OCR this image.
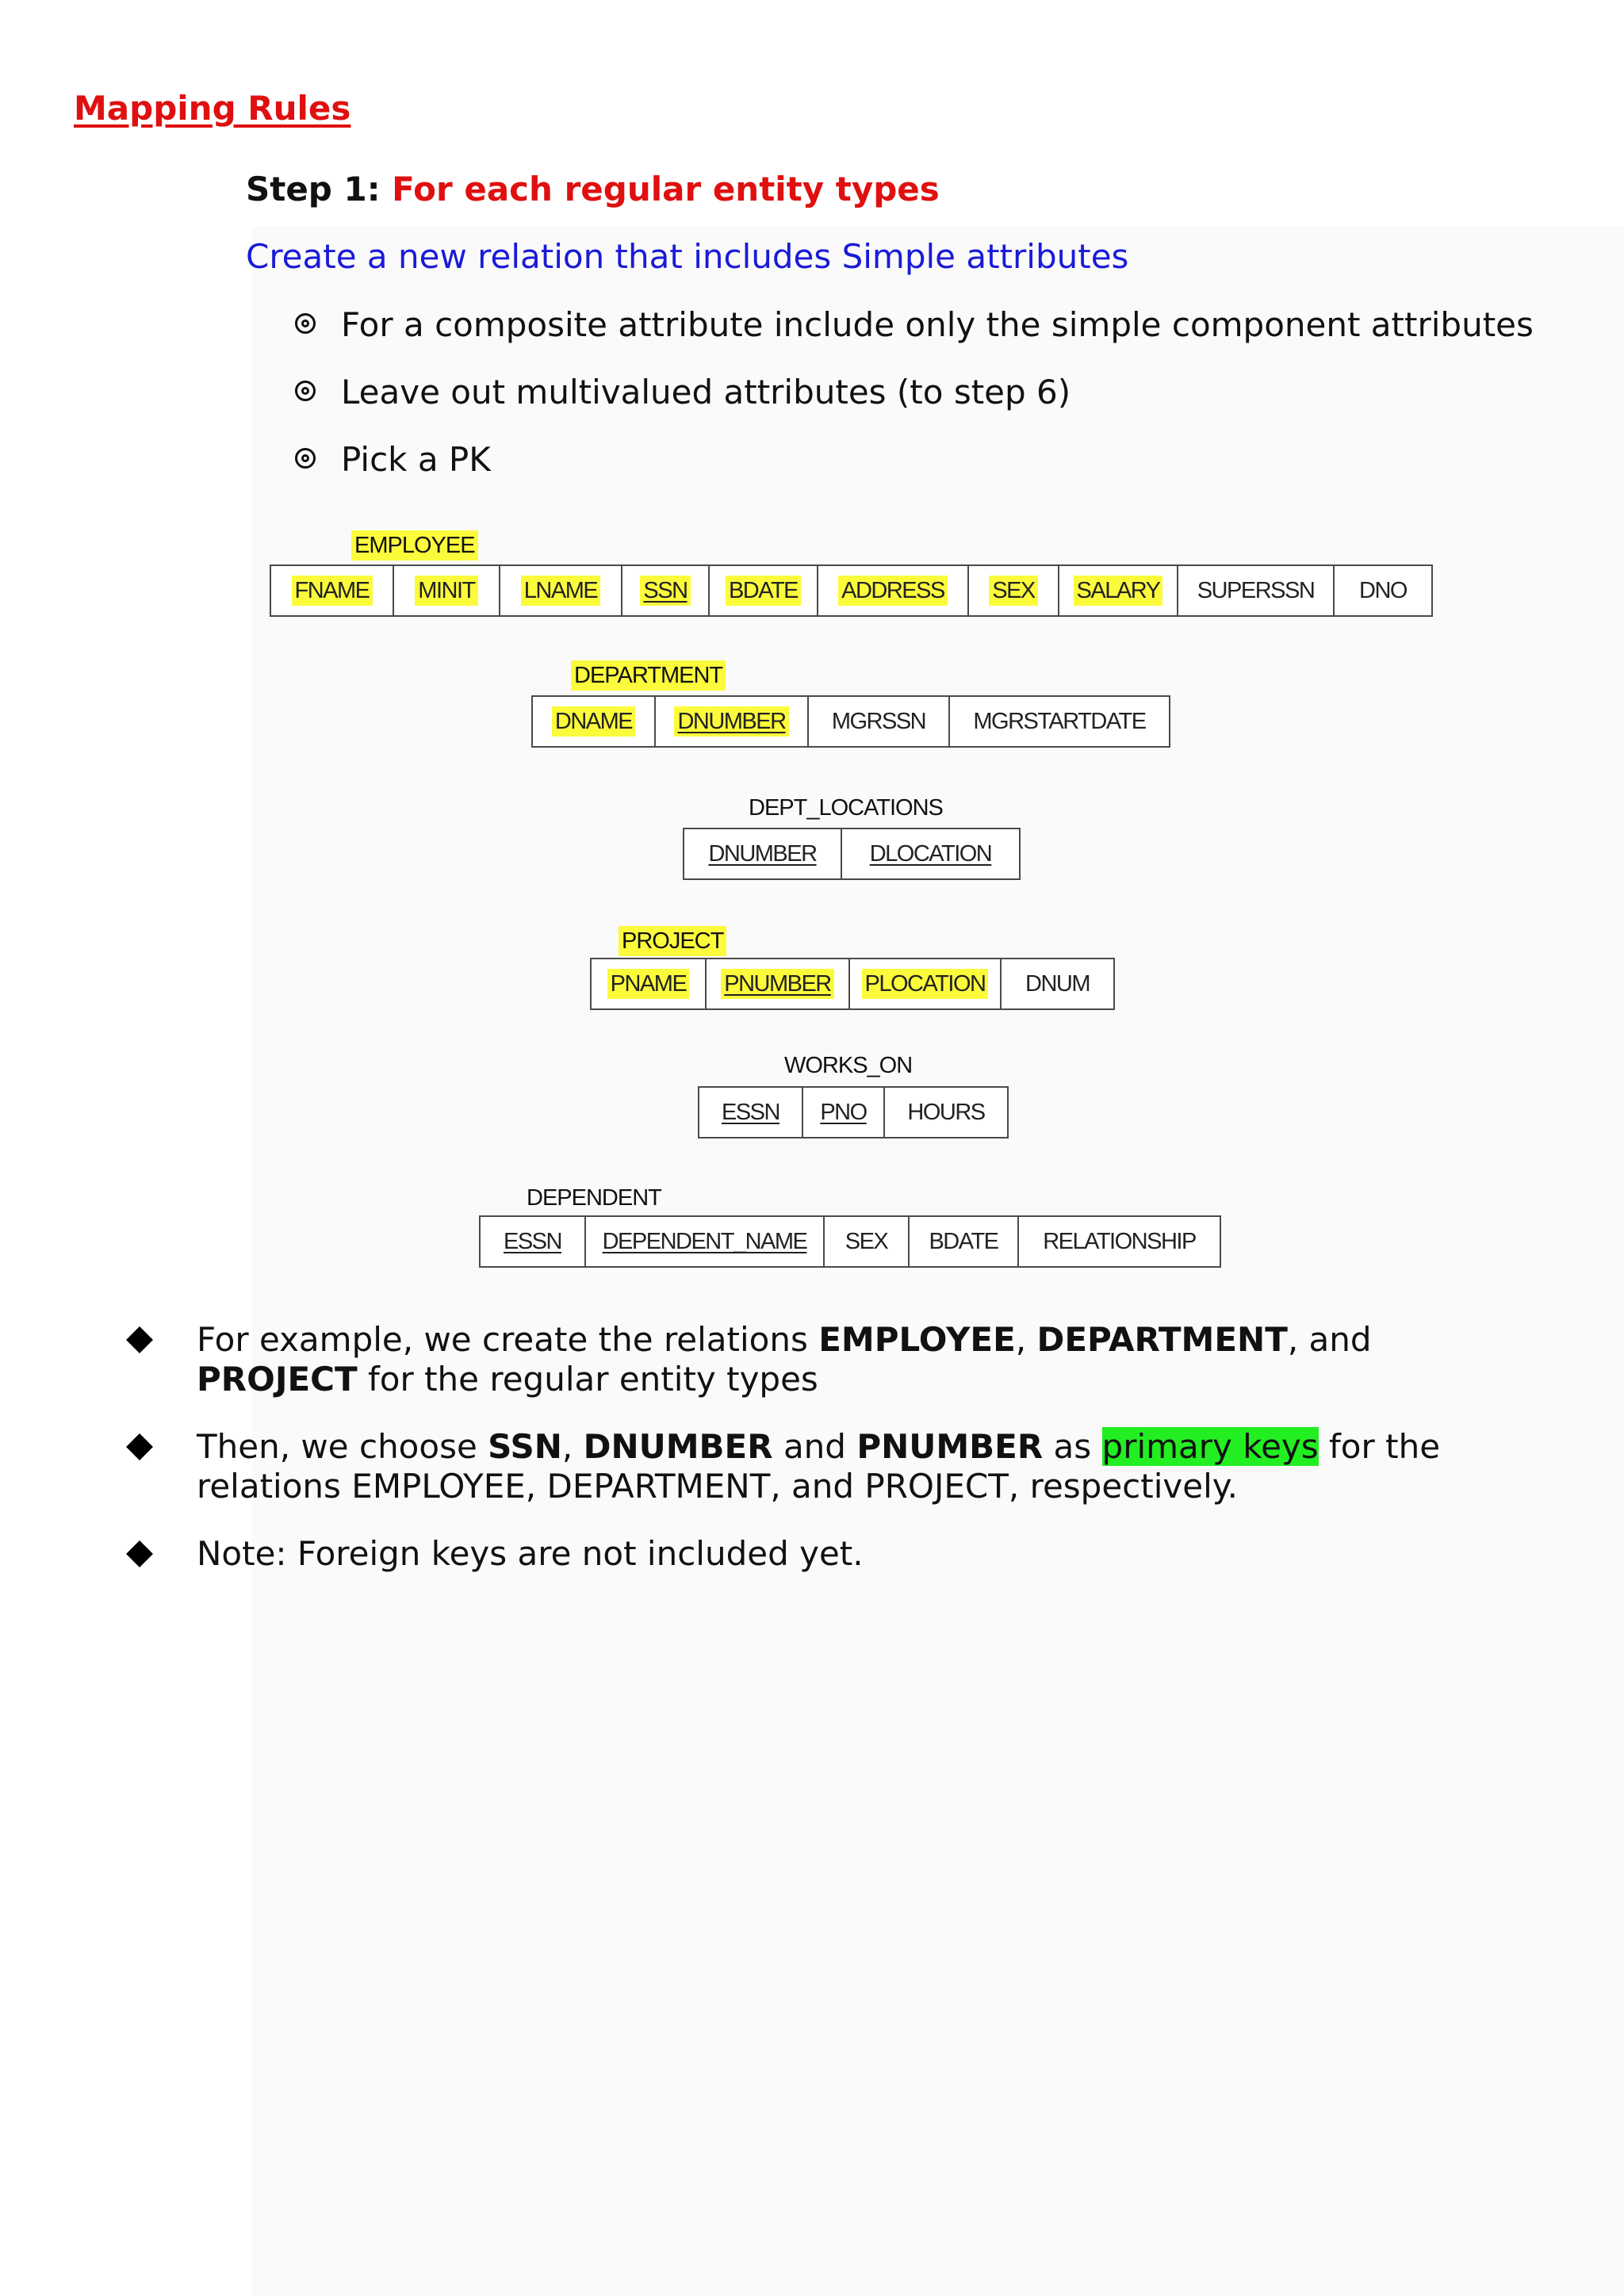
Mapping Rules

Step 1: For each regular entity types

Create a new relation that includes Simple attributes

For a composite attribute include only the simple component attributes
Leave out multivalued attributes (to step 6)
Pick a PK
EMPLOYEE
FNAME MINIT LNAME SSN BDATE ADDRESS SEX SALARY SUPERSSN DNO
DEPARTMENT
DNAME DNUMBER MGRSSN MGRSTARTDATE
DEPT_LOCATIONS
DNUMBER DLOCATION
PROJECT
PNAME PNUMBER PLOCATION DNUM
WORKS_ON
ESSN PNO HOURS
DEPENDENT
ESSN DEPENDENT_NAME SEX BDATE RELATIONSHIP
For example, we create the relations EMPLOYEE, DEPARTMENT, and PROJECT for the regular entity types
Then, we choose SSN, DNUMBER and PNUMBER as primary keys for the relations EMPLOYEE, DEPARTMENT, and PROJECT, respectively.
Note: Foreign keys are not included yet.
